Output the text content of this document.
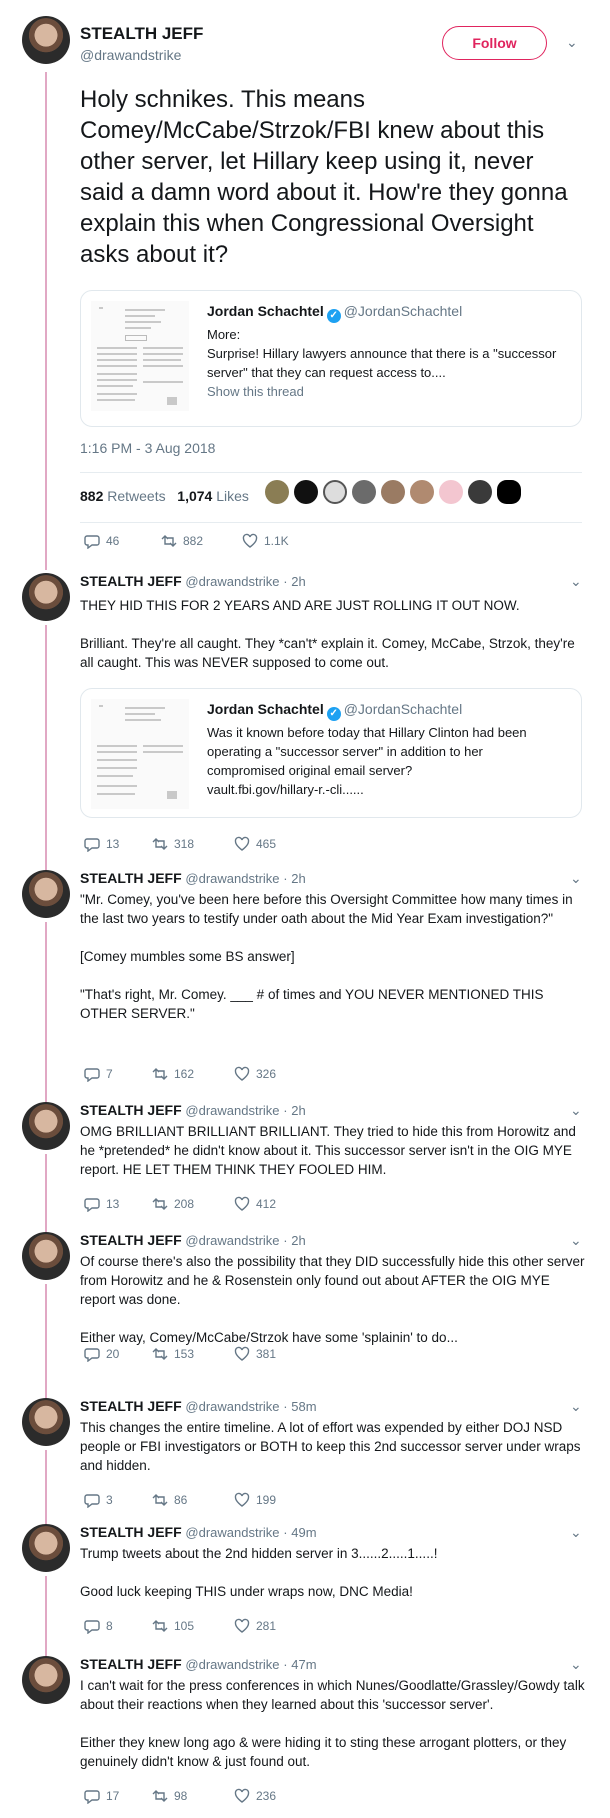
STEALTH JEFF
@drawandstrike
Follow	⌄
Holy schnikes. This means Comey/McCabe/Strzok/FBI knew about this other server, let Hillary keep using it, never said a damn word about it. How're they gonna explain this when Congressional Oversight asks about it?
Jordan Schachtel ✓ @JordanSchachtel
More:
Surprise! Hillary lawyers announce that there is a "successor server" that they can request access to....
Show this thread
1:16 PM - 3 Aug 2018
882 Retweets 1,074 Likes
46	882	1.1K
STEALTH JEFF @drawandstrike · 2h	⌄

THEY HID THIS FOR 2 YEARS AND ARE JUST ROLLING IT OUT NOW.

Brilliant. They're all caught. They *can't* explain it. Comey, McCabe, Strzok, they're all caught. This was NEVER supposed to come out.

Jordan Schachtel ✓ @JordanSchachtel
Was it known before today that Hillary Clinton had been operating a "successor server" in addition to her compromised original email server?
vault.fbi.gov/hillary-r.-cli......
13	318	465
STEALTH JEFF @drawandstrike · 2h	⌄

"Mr. Comey, you've been here before this Oversight Committee how many times in the last two years to testify under oath about the Mid Year Exam investigation?"

[Comey mumbles some BS answer]

"That's right, Mr. Comey. ___ # of times and YOU NEVER MENTIONED THIS OTHER SERVER."

7	162	326
STEALTH JEFF @drawandstrike · 2h	⌄

OMG BRILLIANT BRILLIANT BRILLIANT. They tried to hide this from Horowitz and he *pretended* he didn't know about it. This successor server isn't in the OIG MYE report. HE LET THEM THINK THEY FOOLED HIM.

13	208	412
STEALTH JEFF @drawandstrike · 2h	⌄

Of course there's also the possibility that they DID successfully hide this other server from Horowitz and he & Rosenstein only found out about AFTER the OIG MYE report was done.

Either way, Comey/McCabe/Strzok have some 'splainin' to do...

20	153	381
STEALTH JEFF @drawandstrike · 58m	⌄

This changes the entire timeline. A lot of effort was expended by either DOJ NSD people or FBI investigators or BOTH to keep this 2nd successor server under wraps and hidden.

3	86	199
STEALTH JEFF @drawandstrike · 49m	⌄

Trump tweets about the 2nd hidden server in 3......2.....1.....!

Good luck keeping THIS under wraps now, DNC Media!

8	105	281
STEALTH JEFF @drawandstrike · 47m	⌄

I can't wait for the press conferences in which Nunes/Goodlatte/Grassley/Gowdy talk about their reactions when they learned about this 'successor server'.

Either they knew long ago & were hiding it to sting these arrogant plotters, or they genuinely didn't know & just found out.

17	98	236
